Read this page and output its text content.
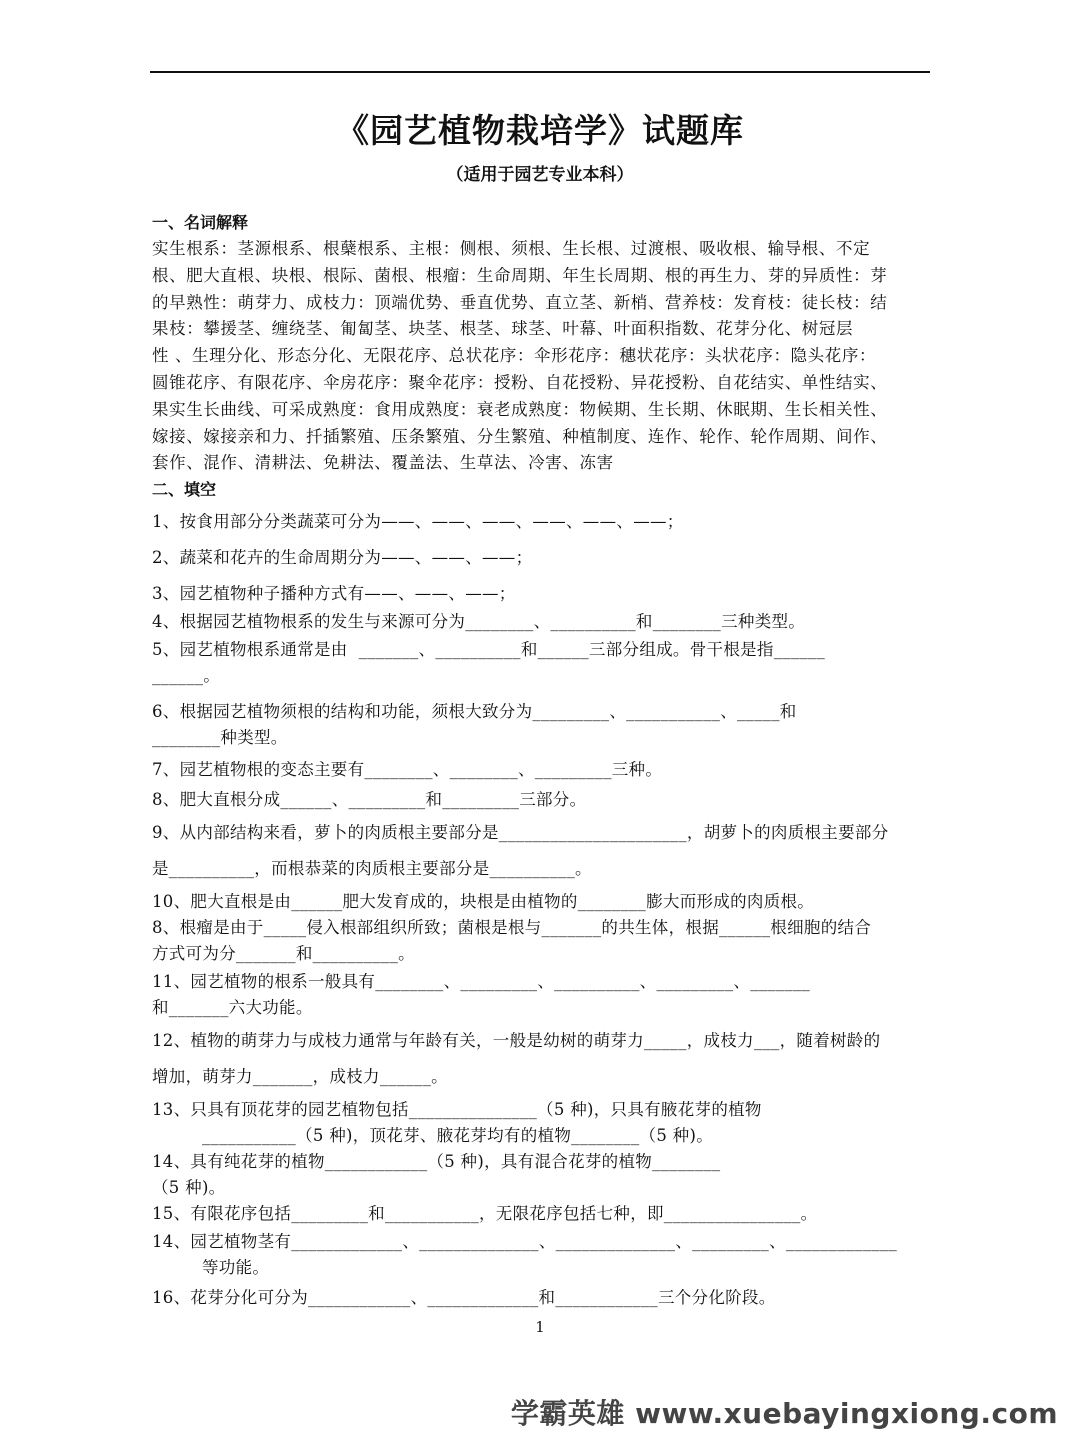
《园艺植物栽培学》试题库
（适用于园艺专业本科）
一、名词解释
实生根系：茎源根系、根蘖根系、主根：侧根、须根、生长根、过渡根、吸收根、输导根、不定
根、肥大直根、块根、根际、菌根、根瘤：生命周期、年生长周期、根的再生力、芽的异质性：芽
的早熟性：萌芽力、成枝力：顶端优势、垂直优势、直立茎、新梢、营养枝：发育枝：徒长枝：结
果枝：攀援茎、缠绕茎、匍匐茎、块茎、根茎、球茎、叶幕、叶面积指数、花芽分化、树冠层
性 、生理分化、形态分化、无限花序、总状花序：伞形花序：穗状花序：头状花序：隐头花序：
圆锥花序、有限花序、伞房花序：聚伞花序：授粉、自花授粉、异花授粉、自花结实、单性结实、
果实生长曲线、可采成熟度：食用成熟度：衰老成熟度：物候期、生长期、休眠期、生长相关性、
嫁接、嫁接亲和力、扦插繁殖、压条繁殖、分生繁殖、种植制度、连作、轮作、轮作周期、间作、
套作、混作、清耕法、免耕法、覆盖法、生草法、冷害、冻害
二、填空
1、按食用部分分类蔬菜可分为——、——、——、——、——、——；
2、蔬菜和花卉的生命周期分为——、——、——；
3、园艺植物种子播种方式有——、——、——；
4、根据园艺植物根系的发生与来源可分为________、__________和________三种类型。
5、园艺植物根系通常是由  _______、__________和______三部分组成。骨干根是指______
______。
6、根据园艺植物须根的结构和功能，须根大致分为_________、___________、_____和
________种类型。
7、园艺植物根的变态主要有________、________、_________三种。
8、肥大直根分成______、_________和_________三部分。
9、从内部结构来看，萝卜的肉质根主要部分是______________________，胡萝卜的肉质根主要部分
是__________，而根恭菜的肉质根主要部分是__________。
10、肥大直根是由______肥大发育成的，块根是由植物的________膨大而形成的肉质根。
8、根瘤是由于_____侵入根部组织所致；菌根是根与_______的共生体，根据______根细胞的结合
方式可为分_______和__________。
11、园艺植物的根系一般具有________、_________、__________、_________、_______
和_______六大功能。
12、植物的萌芽力与成枝力通常与年龄有关，一般是幼树的萌芽力_____，成枝力___，随着树龄的
增加，萌芽力_______，成枝力______。
13、只具有顶花芽的园艺植物包括_______________（5 种)，只具有腋花芽的植物
___________（5 种)，顶花芽、腋花芽均有的植物________（5 种)。
14、具有纯花芽的植物____________（5 种)，具有混合花芽的植物________
（5 种)。
15、有限花序包括_________和___________，无限花序包括七种，即________________。
14、园艺植物茎有_____________、______________、______________、_________、_____________
等功能。
16、花芽分化可分为____________、_____________和____________三个分化阶段。
1
学霸英雄 www.xuebayingxiong.com
